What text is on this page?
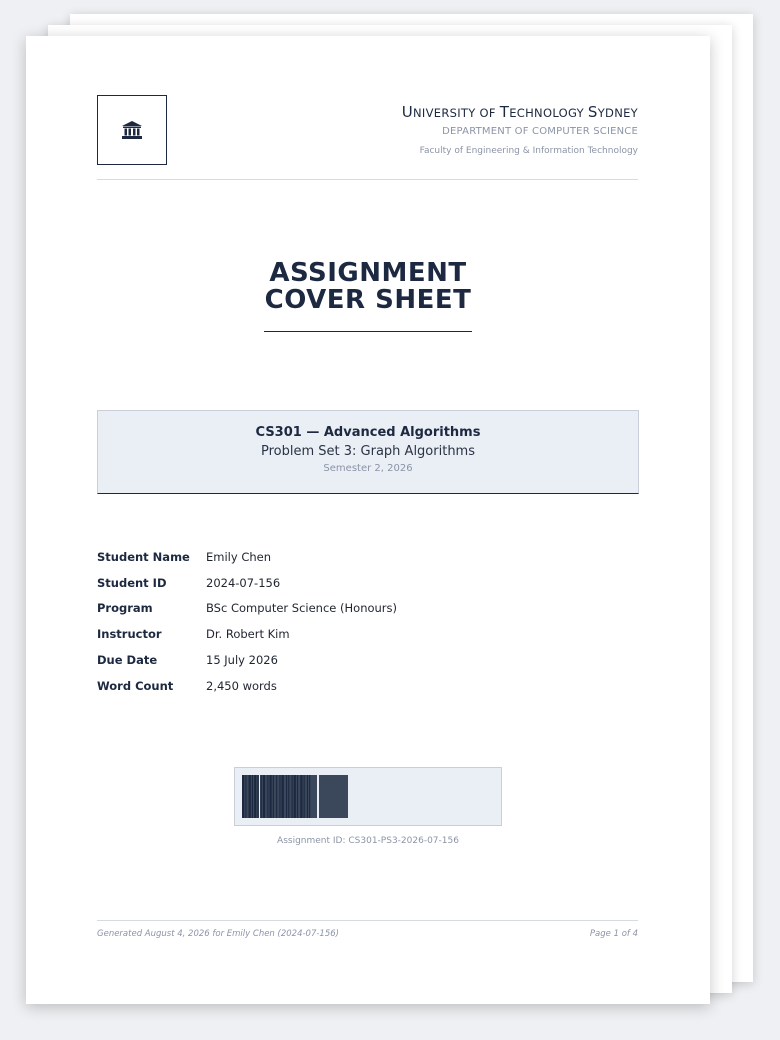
UNIVERSITY OF TECHNOLOGY SYDNEY
DEPARTMENT OF COMPUTER SCIENCE
Faculty of Engineering & Information Technology
ASSIGNMENT
COVER SHEET
CS301 — Advanced Algorithms
Problem Set 3: Graph Algorithms
Semester 2, 2026
Student Name	Emily Chen
Student ID	2024-07-156
Program	BSc Computer Science (Honours)
Instructor	Dr. Robert Kim
Due Date	15 July 2026
Word Count	2,450 words
Assignment ID: CS301-PS3-2026-07-156
Generated August 4, 2026 for Emily Chen (2024-07-156)	Page 1 of 4
